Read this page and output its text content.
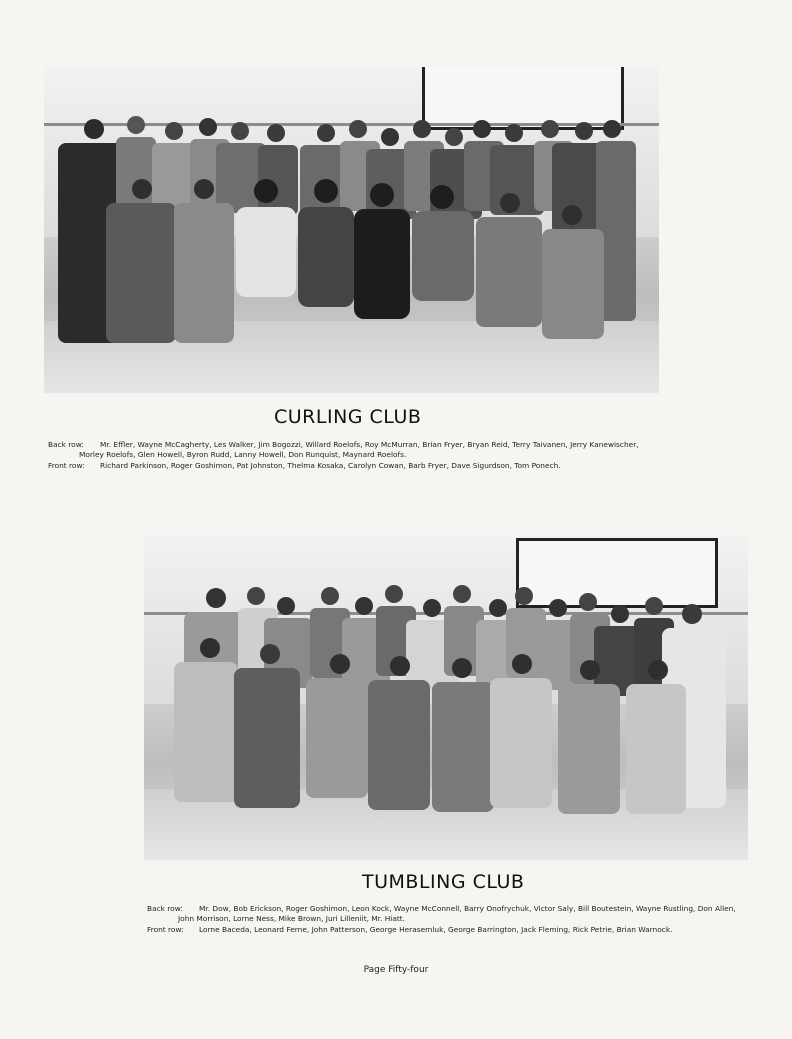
CURLING CLUB

Back row: Mr. Effler, Wayne McCagherty, Les Walker, Jim Bogozzi, Willard Roelofs, Roy McMurran, Brian Fryer, Bryan Reid, Terry Taivanen, Jerry Kanewischer, Morley Roelofs, Glen Howell, Byron Rudd, Lanny Howell, Don Runquist, Maynard Roelofs.

Front row: Richard Parkinson, Roger Goshimon, Pat Johnston, Thelma Kosaka, Carolyn Cowan, Barb Fryer, Dave Sigurdson, Tom Ponech.

TUMBLING CLUB

Back row: Mr. Dow, Bob Erickson, Roger Goshimon, Leon Kock, Wayne McConnell, Barry Onofrychuk, Victor Saly, Bill Boutestein, Wayne Rustling, Don Allen, John Morrison, Lorne Ness, Mike Brown, Juri Lilleniit, Mr. Hiatt.

Front row: Lorne Baceda, Leonard Ferne, John Patterson, George Herasemluk, George Barrington, Jack Fleming, Rick Petrie, Brian Warnock.

Page Fifty-four
